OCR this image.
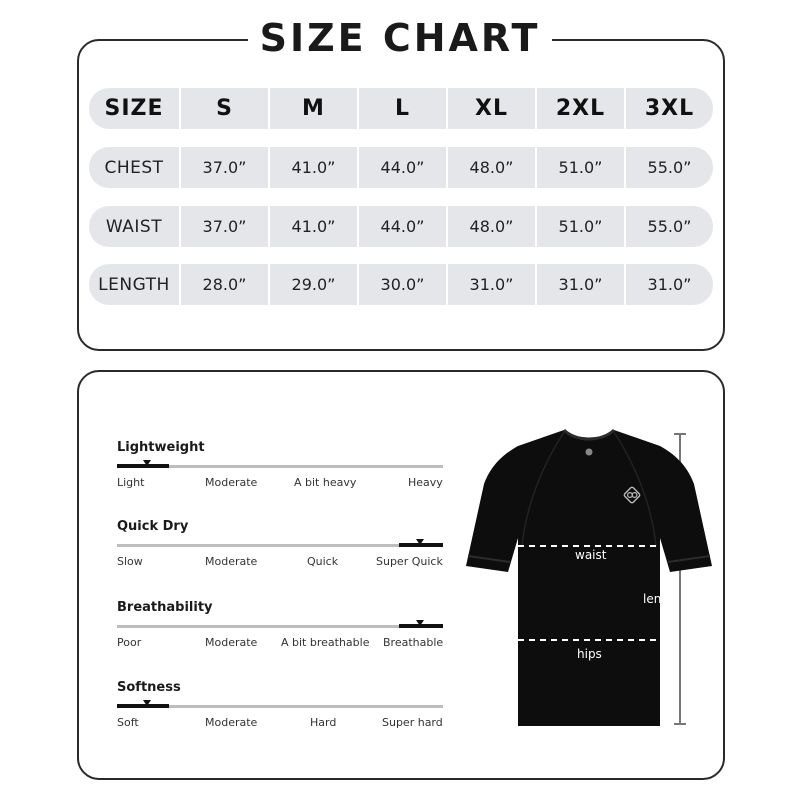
SIZE CHART
SIZE	S	M	L	XL	2XL	3XL
CHEST	37.0”	41.0”	44.0”	48.0”	51.0”	55.0”
WAIST	37.0”	41.0”	44.0”	48.0”	51.0”	55.0”
LENGTH	28.0”	29.0”	30.0”	31.0”	31.0”	31.0”
Lightweight
Light	Moderate	A bit heavy	Heavy
Quick Dry
Slow	Moderate	Quick	Super Quick
Breathability
Poor	Moderate A bit breathable Breathable
Softness
Soft	Moderate	Hard	Super hard
waist
hips
len
